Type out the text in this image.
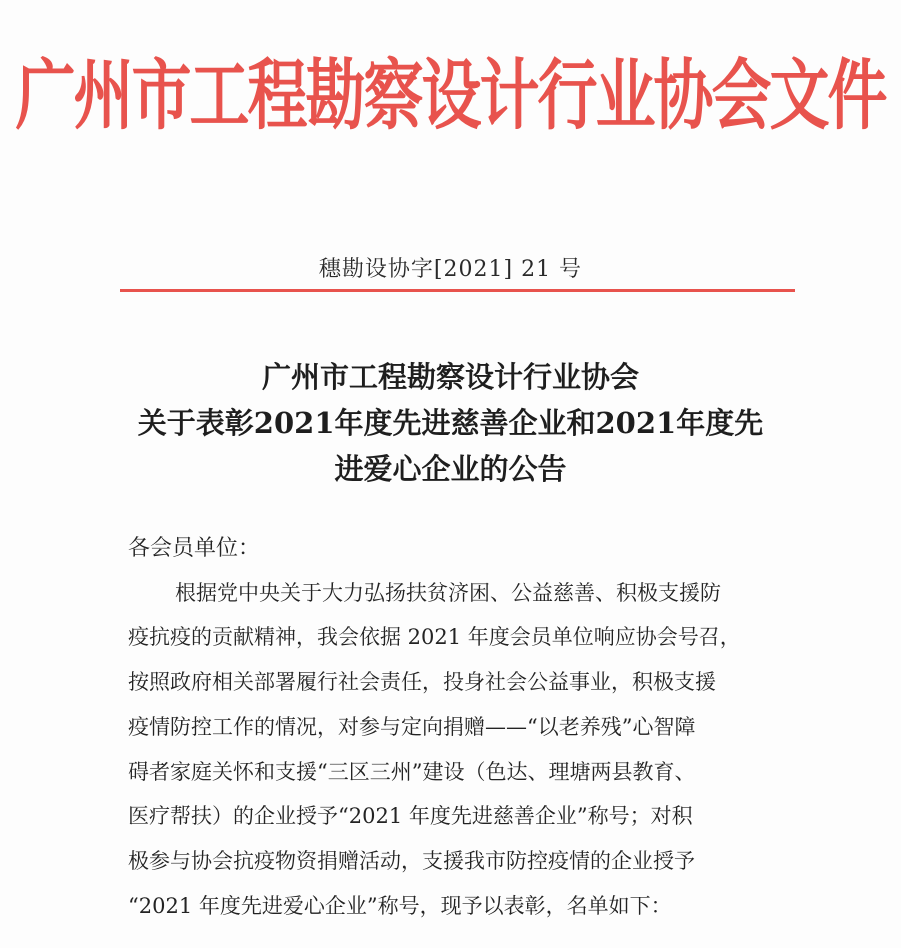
广州市工程勘察设计行业协会文件
穗勘设协字[2021] 21 号
广州市工程勘察设计行业协会
关于表彰2021年度先进慈善企业和2021年度先
进爱心企业的公告
各会员单位：
根据党中央关于大力弘扬扶贫济困、公益慈善、积极支援防
疫抗疫的贡献精神，我会依据 2021 年度会员单位响应协会号召，
按照政府相关部署履行社会责任，投身社会公益事业，积极支援
疫情防控工作的情况，对参与定向捐赠——“以老养残”心智障
碍者家庭关怀和支援“三区三州”建设（色达、理塘两县教育、
医疗帮扶）的企业授予“2021 年度先进慈善企业”称号；对积
极参与协会抗疫物资捐赠活动，支援我市防控疫情的企业授予
“2021 年度先进爱心企业”称号，现予以表彰，名单如下：
